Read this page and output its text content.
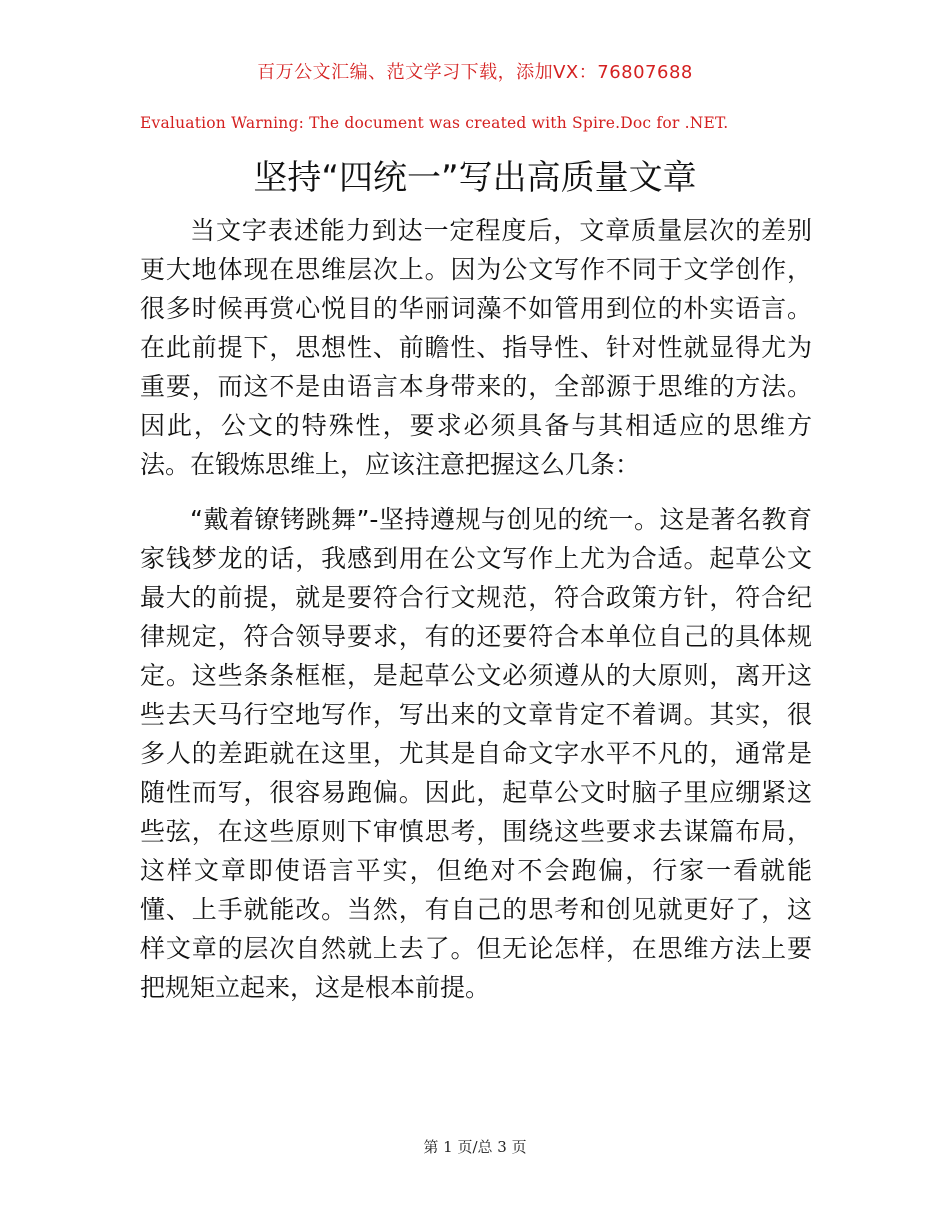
百万公文汇编、范文学习下载，添加VX：76807688
Evaluation Warning: The document was created with Spire.Doc for .NET.
坚持“四统一”写出高质量文章

当文字表述能力到达一定程度后，文章质量层次的差别更大地体现在思维层次上。因为公文写作不同于文学创作，很多时候再赏心悦目的华丽词藻不如管用到位的朴实语言。在此前提下，思想性、前瞻性、指导性、针对性就显得尤为重要，而这不是由语言本身带来的，全部源于思维的方法。因此，公文的特殊性，要求必须具备与其相适应的思维方法。在锻炼思维上，应该注意把握这么几条：

“戴着镣铐跳舞”-坚持遵规与创见的统一。这是著名教育家钱梦龙的话，我感到用在公文写作上尤为合适。起草公文最大的前提，就是要符合行文规范，符合政策方针，符合纪律规定，符合领导要求，有的还要符合本单位自己的具体规定。这些条条框框，是起草公文必须遵从的大原则，离开这些去天马行空地写作，写出来的文章肯定不着调。其实，很多人的差距就在这里，尤其是自命文字水平不凡的，通常是随性而写，很容易跑偏。因此，起草公文时脑子里应绷紧这些弦，在这些原则下审慎思考，围绕这些要求去谋篇布局，这样文章即使语言平实，但绝对不会跑偏，行家一看就能懂、上手就能改。当然，有自己的思考和创见就更好了，这样文章的层次自然就上去了。但无论怎样，在思维方法上要把规矩立起来，这是根本前提。

第 1 页/总 3 页
